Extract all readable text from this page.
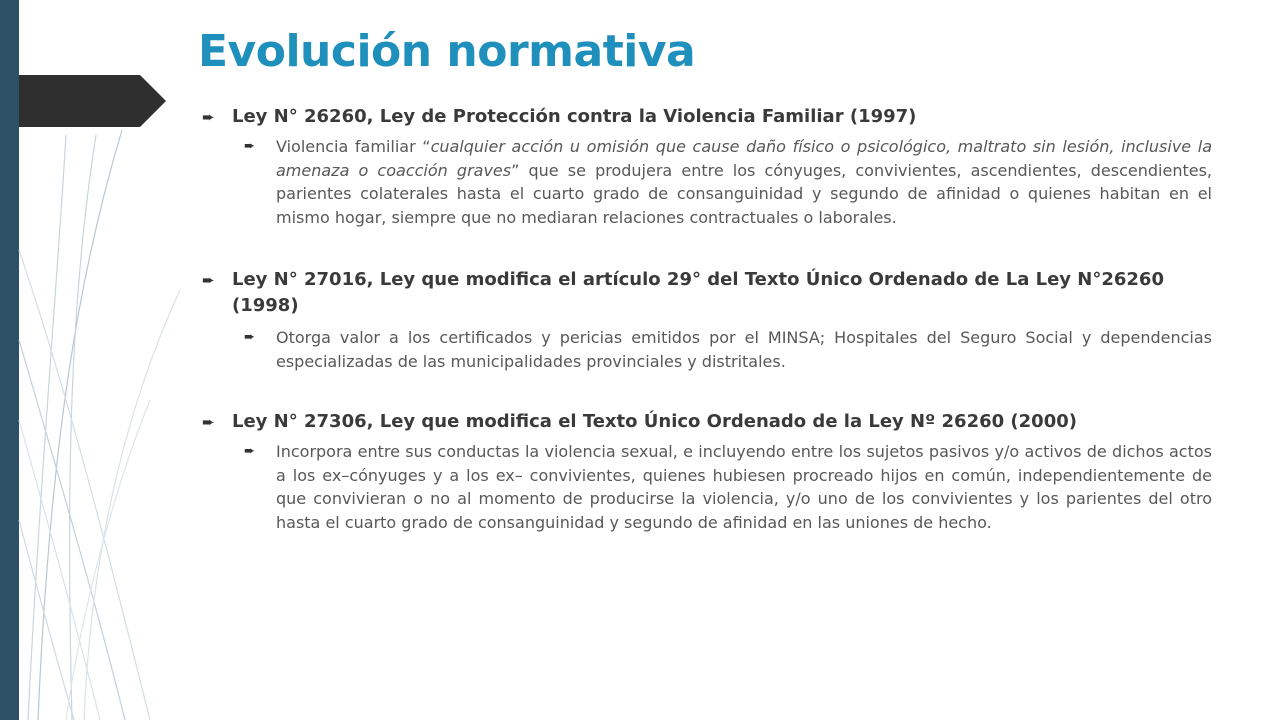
Evolución normativa

➨ Ley N° 26260, Ley de Protección contra la Violencia Familiar (1997)

➨ Violencia familiar “cualquier acción u omisión que cause daño físico o psicológico, maltrato sin lesión, inclusive la amenaza o coacción graves” que se produjera entre los cónyuges, convivientes, ascendientes, descendientes, parientes colaterales hasta el cuarto grado de consanguinidad y segundo de afinidad o quienes habitan en el mismo hogar, siempre que no mediaran relaciones contractuales o laborales.

➨ Ley N° 27016, Ley que modifica el artículo 29° del Texto Único Ordenado de La Ley N°26260 (1998)

➨ Otorga valor a los certificados y pericias emitidos por el MINSA; Hospitales del Seguro Social y dependencias especializadas de las municipalidades provinciales y distritales.

➨ Ley N° 27306, Ley que modifica el Texto Único Ordenado de la Ley Nº 26260 (2000)

➨ Incorpora entre sus conductas la violencia sexual, e incluyendo entre los sujetos pasivos y/o activos de dichos actos a los ex–cónyuges y a los ex– convivientes, quienes hubiesen procreado hijos en común, independientemente de que convivieran o no al momento de producirse la violencia, y/o uno de los convivientes y los parientes del otro hasta el cuarto grado de consanguinidad y segundo de afinidad en las uniones de hecho.
